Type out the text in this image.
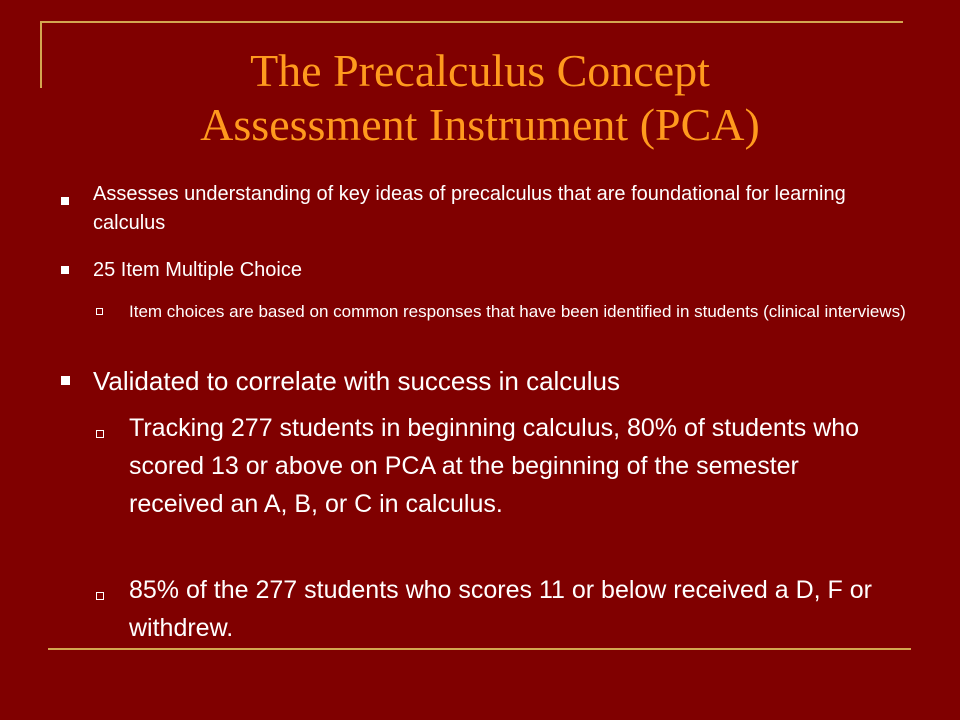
The Precalculus Concept
Assessment Instrument (PCA)
Assesses understanding of key ideas of precalculus that are foundational for learning calculus
25 Item Multiple Choice
Item choices are based on common responses that have been identified in students (clinical interviews)
Validated to correlate with success in calculus
Tracking 277 students in beginning calculus, 80% of students who scored 13 or above on PCA at the beginning of the semester received an A, B, or C in calculus.
85% of the 277 students who scores 11 or below received a D, F or withdrew.
